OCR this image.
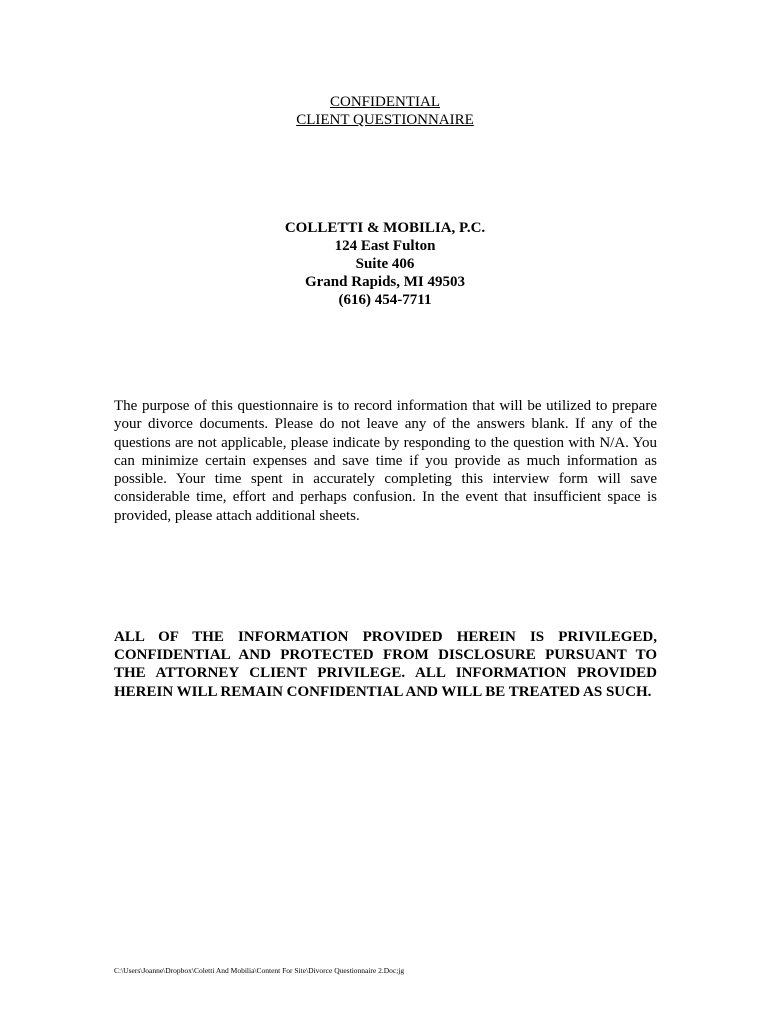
CONFIDENTIAL
CLIENT QUESTIONNAIRE
COLLETTI & MOBILIA, P.C.
124 East Fulton
Suite 406
Grand Rapids, MI 49503
(616) 454-7711

The purpose of this questionnaire is to record information that will be utilized to prepare your divorce documents. Please do not leave any of the answers blank. If any of the questions are not applicable, please indicate by responding to the question with N/A. You can minimize certain expenses and save time if you provide as much information as possible. Your time spent in accurately completing this interview form will save considerable time, effort and perhaps confusion. In the event that insufficient space is provided, please attach additional sheets.

ALL OF THE INFORMATION PROVIDED HEREIN IS PRIVILEGED, CONFIDENTIAL AND PROTECTED FROM DISCLOSURE PURSUANT TO THE ATTORNEY CLIENT PRIVILEGE. ALL INFORMATION PROVIDED HEREIN WILL REMAIN CONFIDENTIAL AND WILL BE TREATED AS SUCH.

C:\Users\Joanne\Dropbox\Coletti And Mobilia\Content For Site\Divorce Questionnaire 2.Doc;jg
